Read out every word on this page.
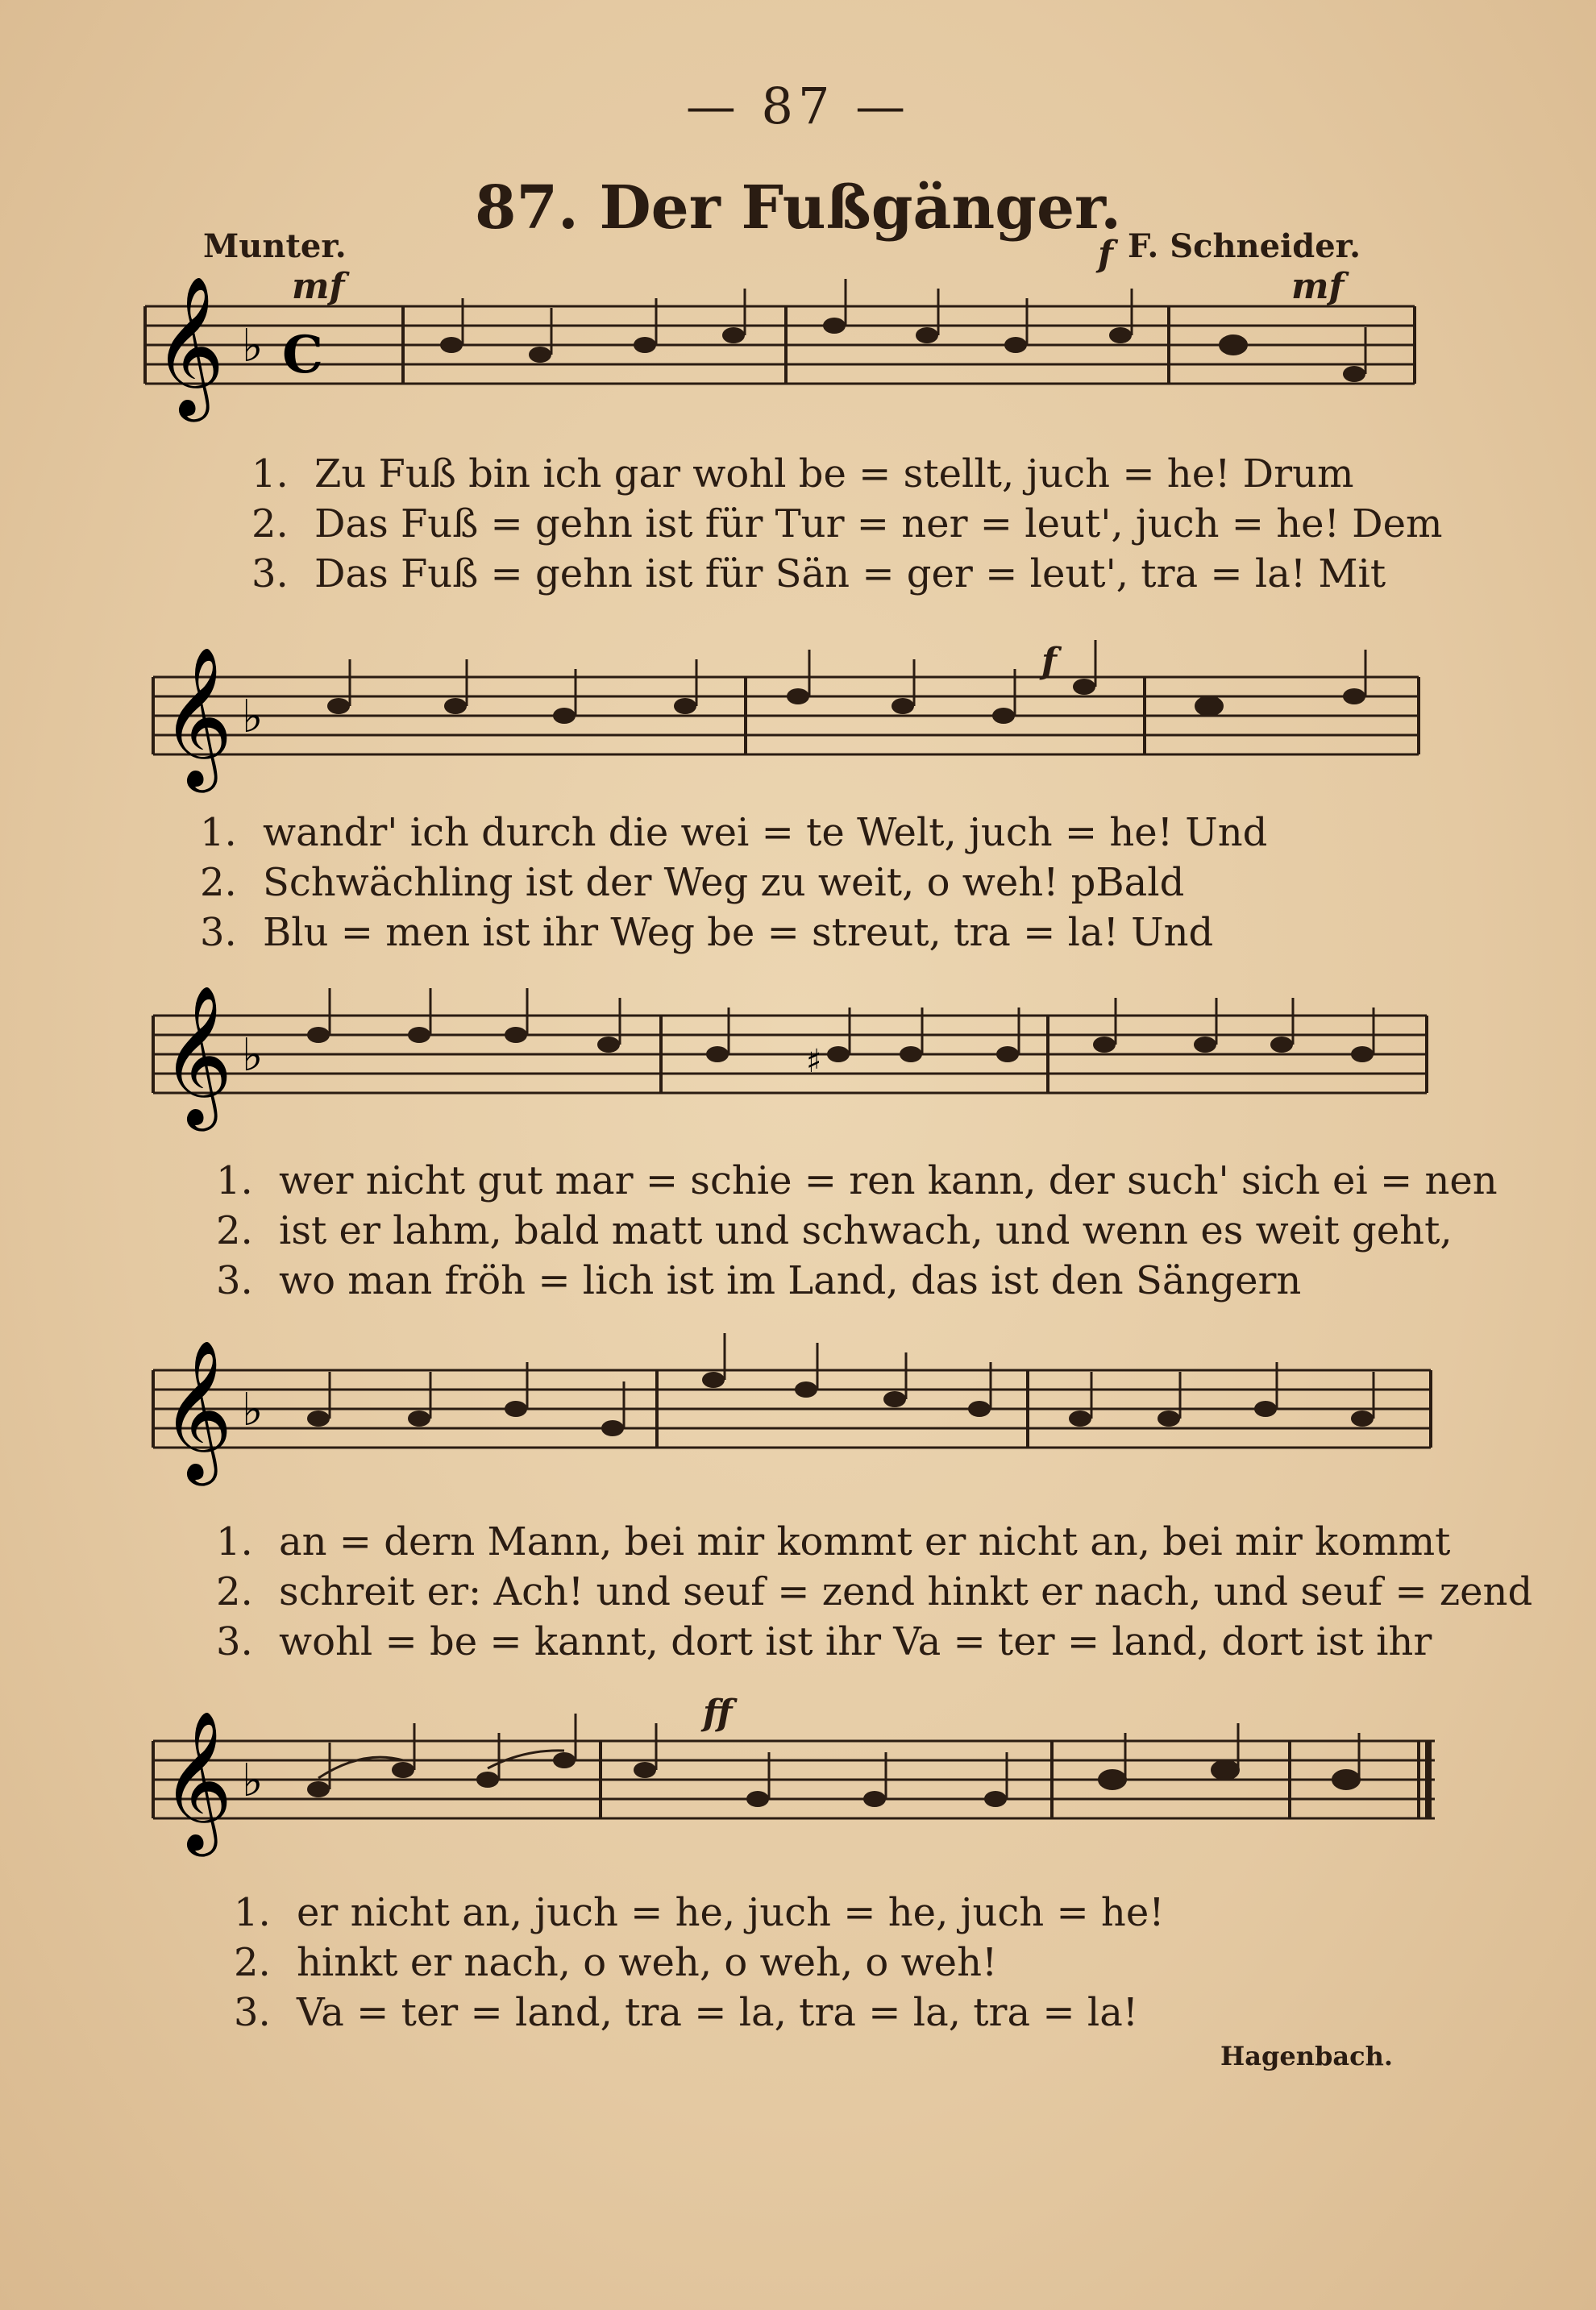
— 87 —
87. Der Fußgänger.
Munter.	F. Schneider.
mf
f
mf
𝄞 ♭ C
1. Zu Fuß bin ich gar wohl be = stellt, juch = he! Drum
2. Das Fuß = gehn ist für Tur = ner = leut', juch = he! Dem
3. Das Fuß = gehn ist für Sän = ger = leut', tra = la! Mit
f
𝄞 ♭
1. wandr' ich durch die wei = te Welt, juch = he! Und
2. Schwächling ist der Weg zu weit, o weh! pBald
3. Blu = men ist ihr Weg be = streut, tra = la! Und
𝄞 ♭	♯
1. wer nicht gut mar = schie = ren kann, der such' sich ei = nen
2. ist er lahm, bald matt und schwach, und wenn es weit geht,
3. wo man fröh = lich ist im Land, das ist den Sängern
𝄞 ♭
1. an = dern Mann, bei mir kommt er nicht an, bei mir kommt
2. schreit er: Ach! und seuf = zend hinkt er nach, und seuf = zend
3. wohl = be = kannt, dort ist ihr Va = ter = land, dort ist ihr
ff
𝄞 ♭
1. er nicht an, juch = he, juch = he, juch = he!
2. hinkt er nach, o weh, o weh, o weh!
3. Va = ter = land, tra = la, tra = la, tra = la!
Hagenbach.
